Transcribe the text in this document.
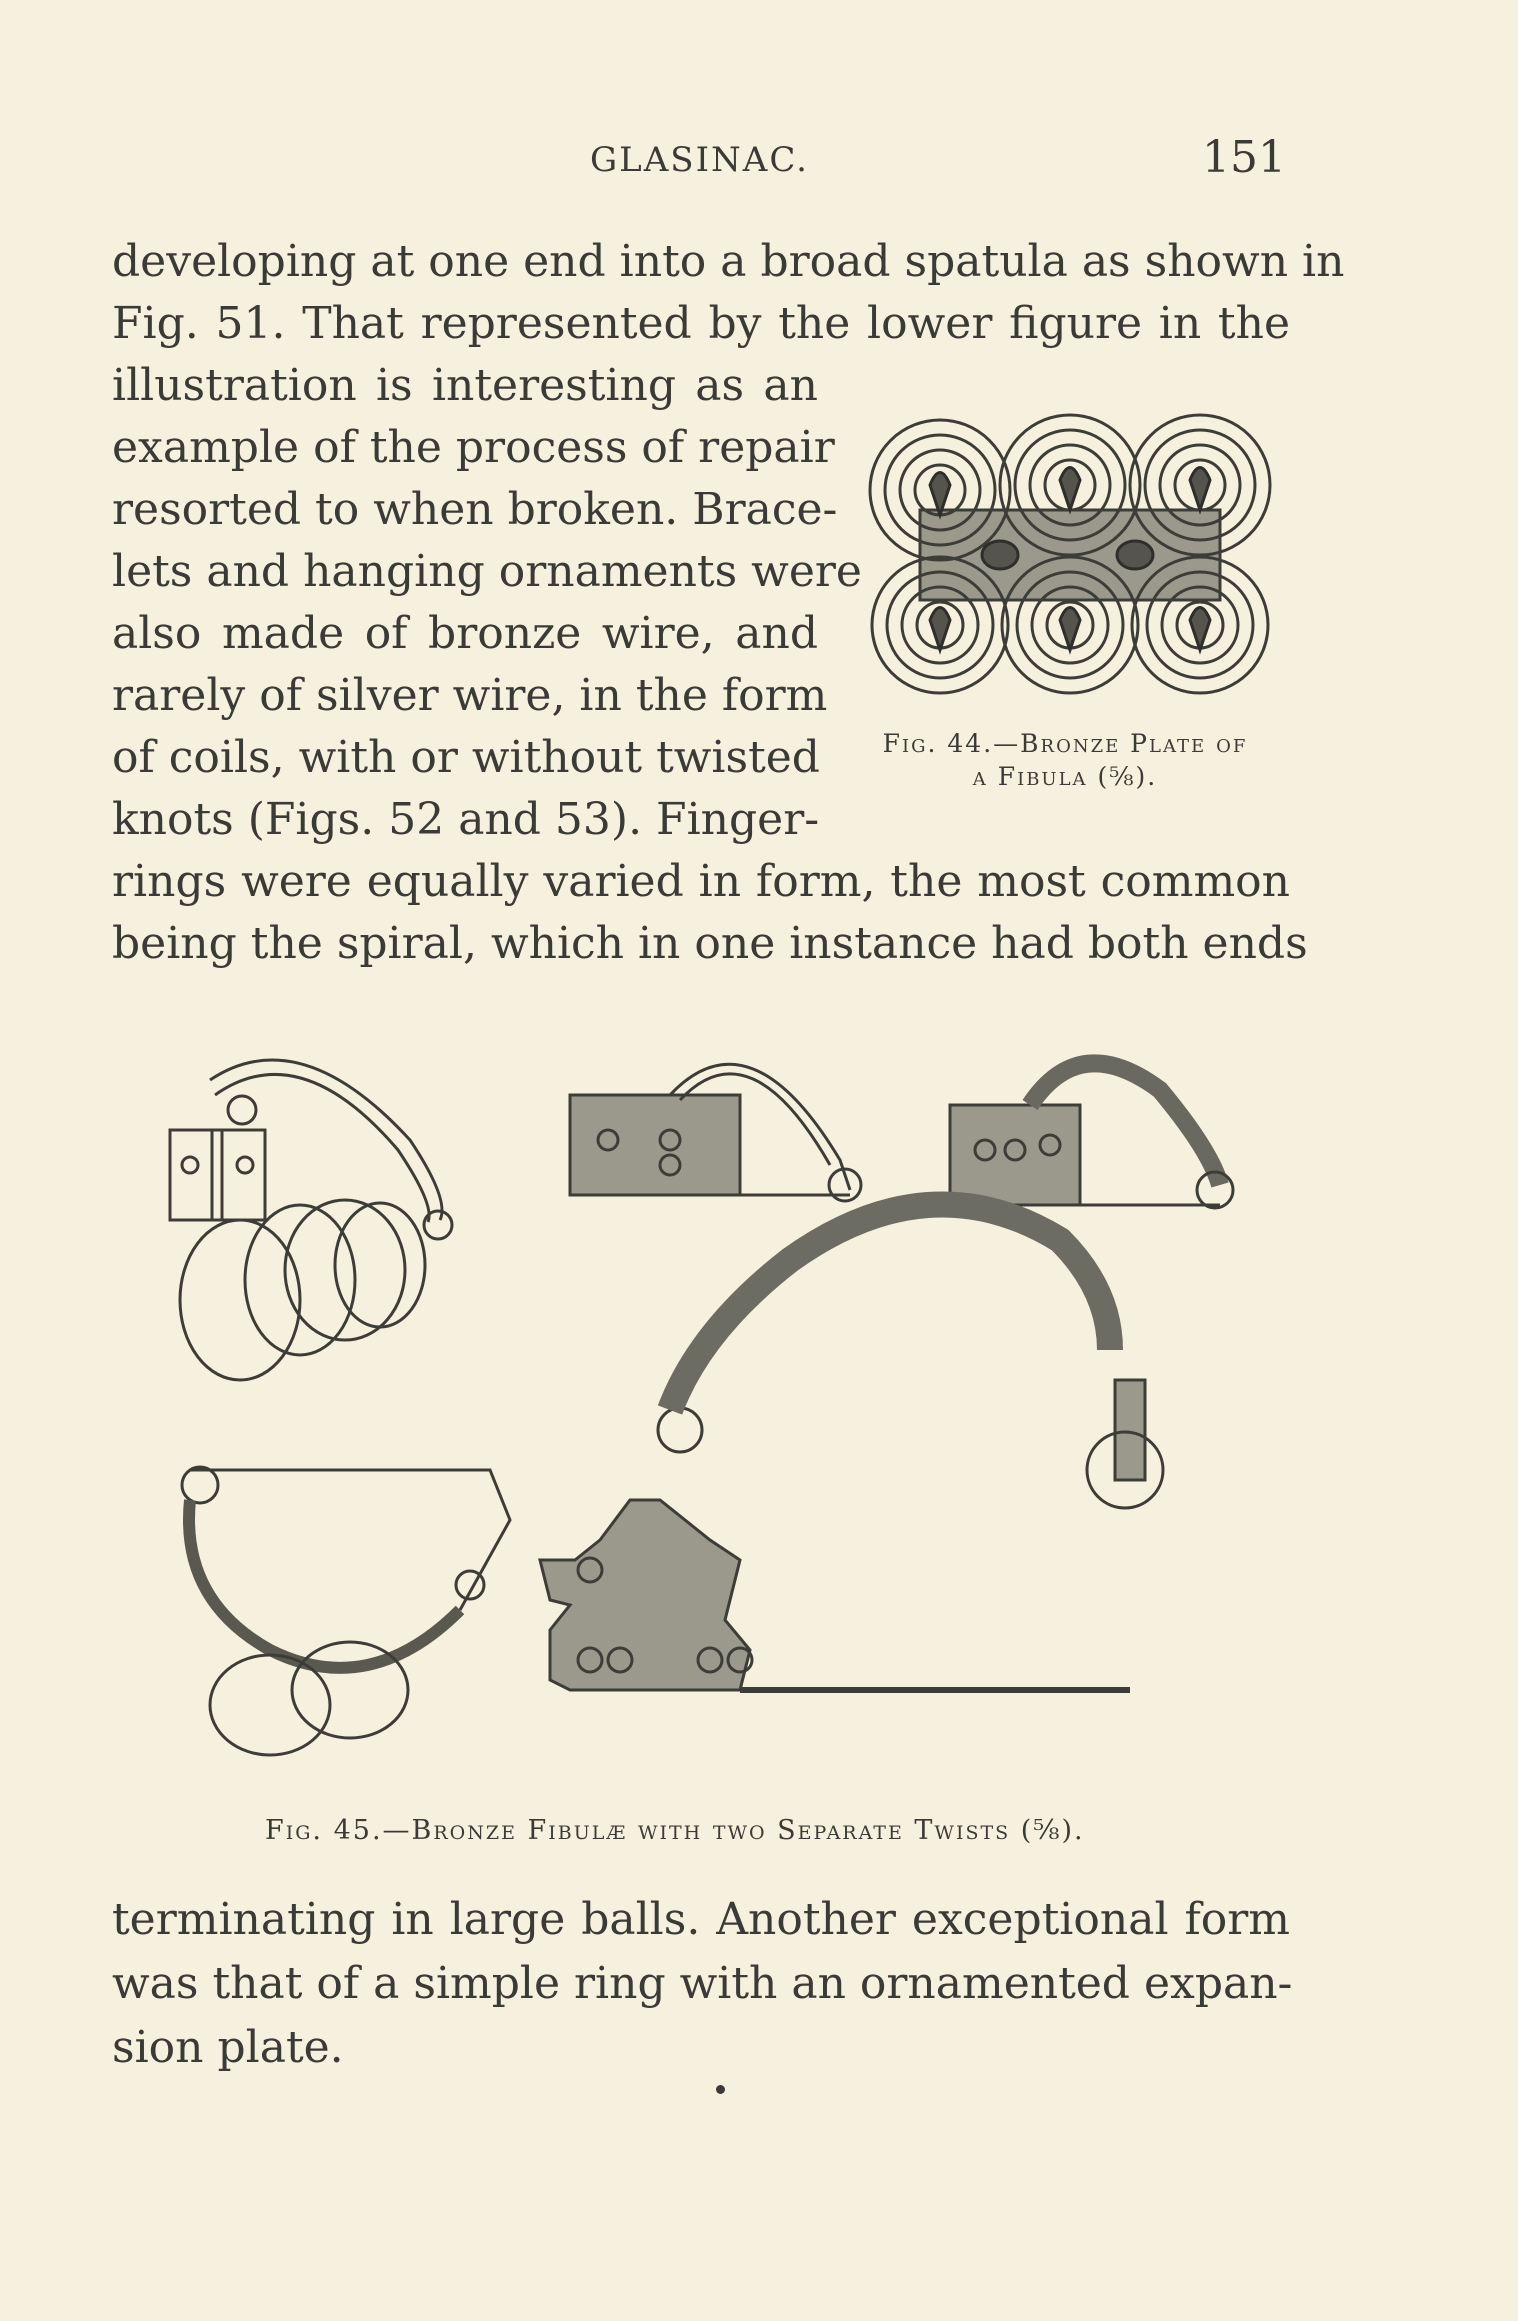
GLASINAC.	151
developing at one end into a broad spatula as shown in
Fig. 51. That represented by the lower figure in the
illustration is interesting as an
example of the process of repair
resorted to when broken. Brace-
lets and hanging ornaments were
also made of bronze wire, and
rarely of silver wire, in the form
of coils, with or without twisted
knots (Figs. 52 and 53). Finger-
rings were equally varied in form, the most common
being the spiral, which in one instance had both ends
Fig. 44.—Bronze Plate of
a Fibula (⅝).
Fig. 45.—Bronze Fibulæ with two Separate Twists (⅝).
terminating in large balls. Another exceptional form
was that of a simple ring with an ornamented expan-
sion plate.
